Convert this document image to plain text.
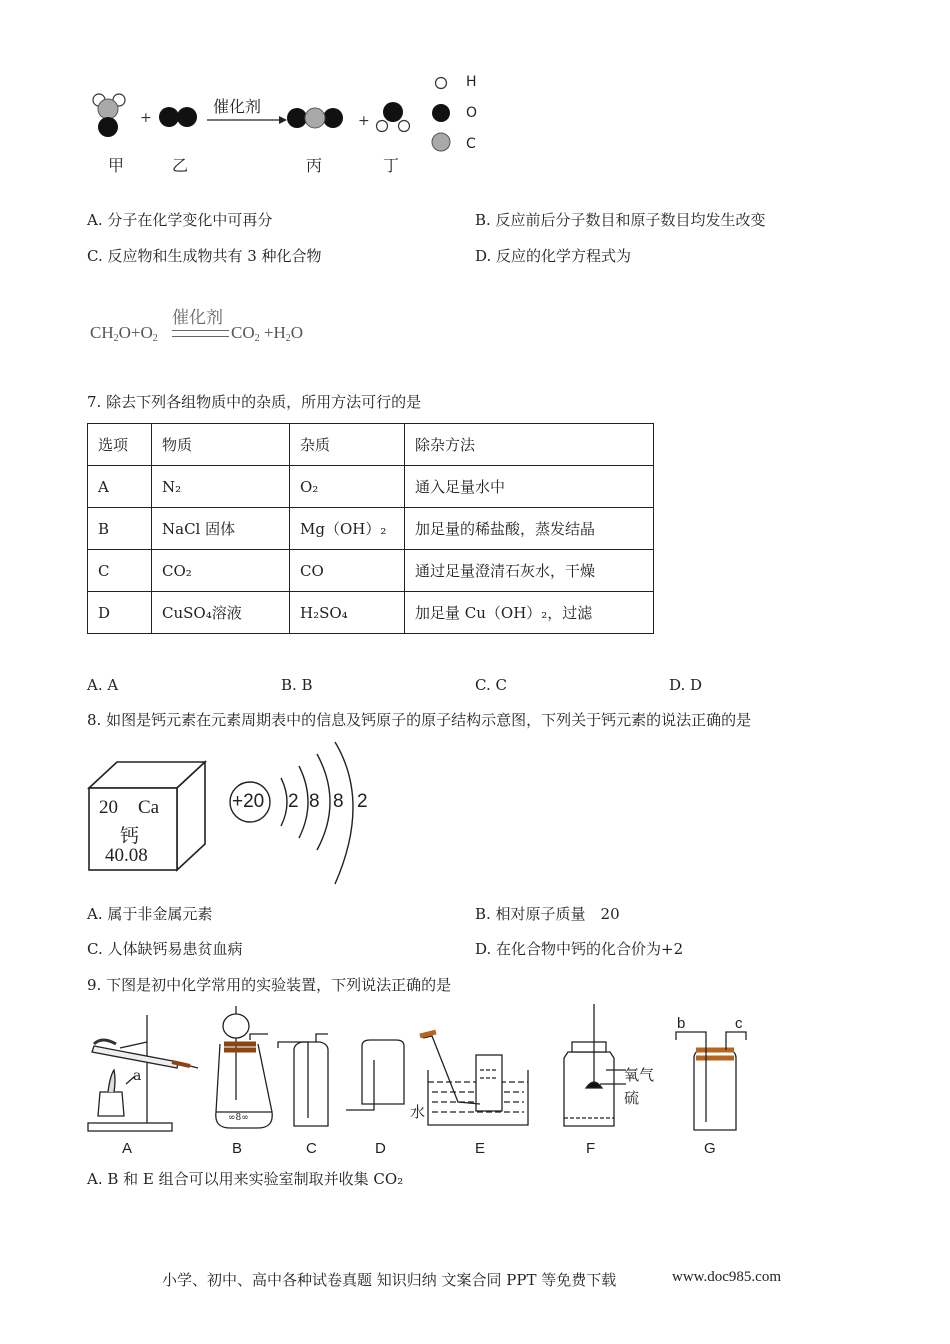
+	+
催化剂
H
O
C
甲	乙	丙	丁
A. 分子在化学变化中可再分	B. 反应前后分子数目和原子数目均发生改变
C. 反应物和生成物共有 3 种化合物	D. 反应的化学方程式为
催化剂
$CH_2O+O_2$	$CO_2 +H_2O$
7. 除去下列各组物质中的杂质，所用方法可行的是
选项	物质	杂质	除杂方法
A	N₂	O₂	通入足量水中
B	NaCl 固体	Mg（OH）₂	加足量的稀盐酸，蒸发结晶
C	CO₂	CO	通过足量澄清石灰水，干燥
D	CuSO₄溶液	H₂SO₄	加足量 Cu（OH）₂，过滤
A. A	B. B	C. C	D. D
8. 如图是钙元素在元素周期表中的信息及钙原子的原子结构示意图，下列关于钙元素的说法正确的是
20 Ca
钙
40.08
+20 2 8 8 2
A. 属于非金属元素	B. 相对原子质量　20
C. 人体缺钙易患贫血病	D. 在化合物中钙的化合价为+2
9. 下图是初中化学常用的实验装置，下列说法正确的是
a
∞8∞
A	B	C	D	E	F	G
水
氧气
硫
b	c
A. B 和 E 组合可以用来实验室制取并收集 CO₂
小学、初中、高中各种试卷真题 知识归纳 文案合同 PPT 等免费下载	www.doc985.com
